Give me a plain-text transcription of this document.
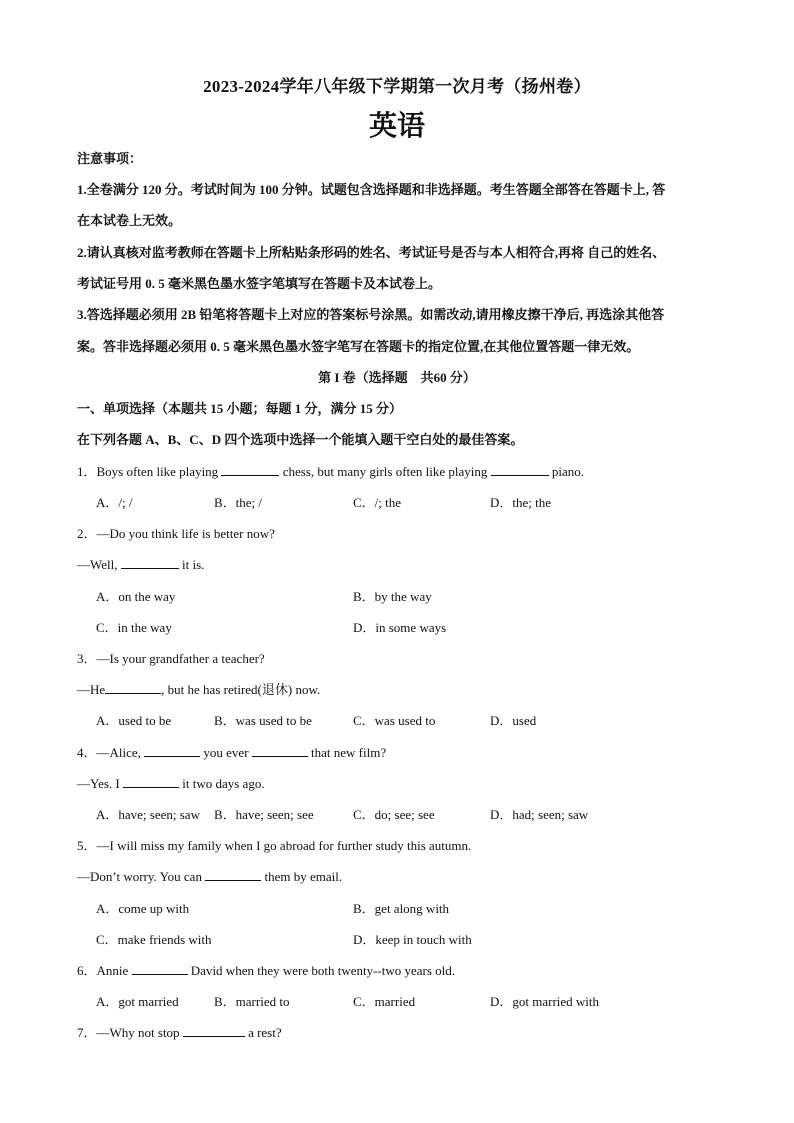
2023-2024学年八年级下学期第一次月考（扬州卷）
英语
注意事项：
1.全卷满分 120 分。考试时间为 100 分钟。试题包含选择题和非选择题。考生答题全部答在答题卡上, 答
在本试卷上无效。
2.请认真核对监考教师在答题卡上所粘贴条形码的姓名、考试证号是否与本人相符合,再将 自己的姓名、
考试证号用 0. 5 毫米黑色墨水签字笔填写在答题卡及本试卷上。
3.答选择题必须用 2B 铅笔将答题卡上对应的答案标号涂黑。如需改动,请用橡皮擦干净后, 再选涂其他答
案。答非选择题必须用 0. 5 毫米黑色墨水签字笔写在答题卡的指定位置,在其他位置答题一律无效。
第 I 卷（选择题　共60 分）
一、单项选择（本题共 15 小题；每题 1 分，满分 15 分）
在下列各题 A、B、C、D 四个选项中选择一个能填入题干空白处的最佳答案。
1．Boys often like playing	chess, but many girls often like playing	piano.
A．/; /	B．the; /	C．/; the	D．the; the
2．—Do you think life is better now?
—Well,	it is.
A．on the way	B．by the way
C．in the way	D．in some ways
3．—Is your grandfather a teacher?
—He	, but he has retired(退休) now.
A．used to be	B．was used to be	C．was used to	D．used
4．—Alice,	you ever	that new film?
—Yes. I	it two days ago.
A．have; seen; saw B．have; seen; see	C．do; see; see	D．had; seen; saw
5．—I will miss my family when I go abroad for further study this autumn.
—Don’t worry. You can	them by email.
A．come up with	B．get along with
C．make friends with	D．keep in touch with
6．Annie	David when they were both twenty--two years old.
A．got married	B．married to	C．married	D．got married with
7．—Why not stop	a rest?
